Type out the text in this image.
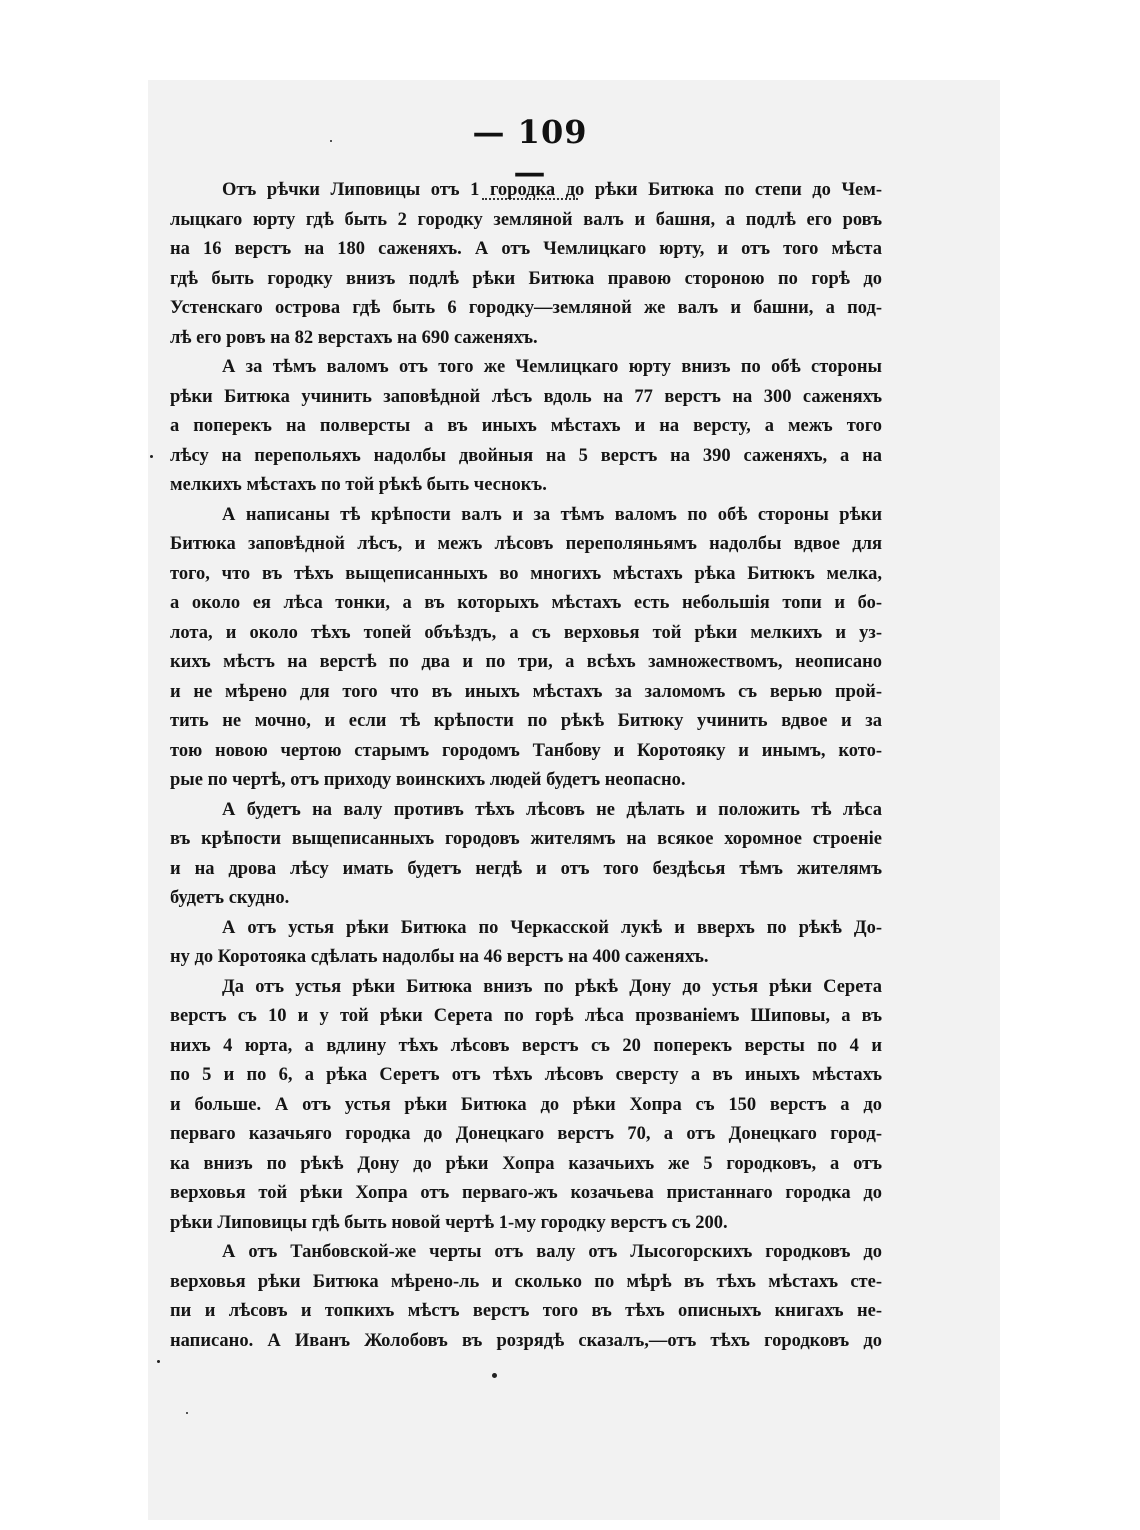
— 109 —
Отъ рѣчки Липовицы отъ 1 городка до рѣки Битюка по степи до Чем-
лыцкаго юрту гдѣ быть 2 городку земляной валъ и башня, а подлѣ его ровъ
на 16 верстъ на 180 саженяхъ. А отъ Чемлицкаго юрту, и отъ того мѣста
гдѣ быть городку внизъ подлѣ рѣки Битюка правою стороною по горѣ до
Устенскаго острова гдѣ быть 6 городку—земляной же валъ и башни, а под-
лѣ его ровъ на 82 верстахъ на 690 саженяхъ.
А за тѣмъ валомъ отъ того же Чемлицкаго юрту внизъ по обѣ стороны
рѣки Битюка учинить заповѣдной лѣсъ вдоль на 77 верстъ на 300 саженяхъ
а поперекъ на полверсты а въ иныхъ мѣстахъ и на версту, а межъ того
лѣсу на перепольяхъ надолбы двойныя на 5 верстъ на 390 саженяхъ, а на
мелкихъ мѣстахъ по той рѣкѣ быть чеснокъ.
А написаны тѣ крѣпости валъ и за тѣмъ валомъ по обѣ стороны рѣки
Битюка заповѣдной лѣсъ, и межъ лѣсовъ переполяньямъ надолбы вдвое для
того, что въ тѣхъ выщеписанныхъ во многихъ мѣстахъ рѣка Битюкъ мелка,
а около ея лѣса тонки, а въ которыхъ мѣстахъ есть небольшія топи и бо-
лота, и около тѣхъ топей объѣздъ, а съ верховья той рѣки мелкихъ и уз-
кихъ мѣстъ на верстѣ по два и по три, а всѣхъ замножествомъ, неописано
и не мѣрено для того что въ иныхъ мѣстахъ за заломомъ съ верью прой-
тить не мочно, и если тѣ крѣпости по рѣкѣ Битюку учинить вдвое и за
тою новою чертою старымъ городомъ Танбову и Коротояку и инымъ, кото-
рые по чертѣ, отъ приходу воинскихъ людей будетъ неопасно.
А будетъ на валу противъ тѣхъ лѣсовъ не дѣлать и положить тѣ лѣса
въ крѣпости выщеписанныхъ городовъ жителямъ на всякое хоромное строеніе
и на дрова лѣсу имать будетъ негдѣ и отъ того бездѣсья тѣмъ жителямъ
будетъ скудно.
А отъ устья рѣки Битюка по Черкасской лукѣ и вверхъ по рѣкѣ До-
ну до Коротояка сдѣлать надолбы на 46 верстъ на 400 саженяхъ.
Да отъ устья рѣки Битюка внизъ по рѣкѣ Дону до устья рѣки Серета
верстъ съ 10 и у той рѣки Серета по горѣ лѣса прозваніемъ Шиповы, а въ
нихъ 4 юрта, а вдлину тѣхъ лѣсовъ верстъ съ 20 поперекъ версты по 4 и
по 5 и по 6, а рѣка Серетъ отъ тѣхъ лѣсовъ сверсту а въ иныхъ мѣстахъ
и больше. А отъ устья рѣки Битюка до рѣки Хопра съ 150 верстъ а до
перваго казачьяго городка до Донецкаго верстъ 70, а отъ Донецкаго город-
ка внизъ по рѣкѣ Дону до рѣки Хопра казачьихъ же 5 городковъ, а отъ
верховья той рѣки Хопра отъ перваго-жъ козачьева пристаннаго городка до
рѣки Липовицы гдѣ быть новой чертѣ 1-му городку верстъ съ 200.
А отъ Танбовской-же черты отъ валу отъ Лысогорскихъ городковъ до
верховья рѣки Битюка мѣрено-ль и сколько по мѣрѣ въ тѣхъ мѣстахъ сте-
пи и лѣсовъ и топкихъ мѣстъ верстъ того въ тѣхъ описныхъ книгахъ не-
написано. А Иванъ Жолобовъ въ розрядѣ сказалъ,—отъ тѣхъ городковъ до
